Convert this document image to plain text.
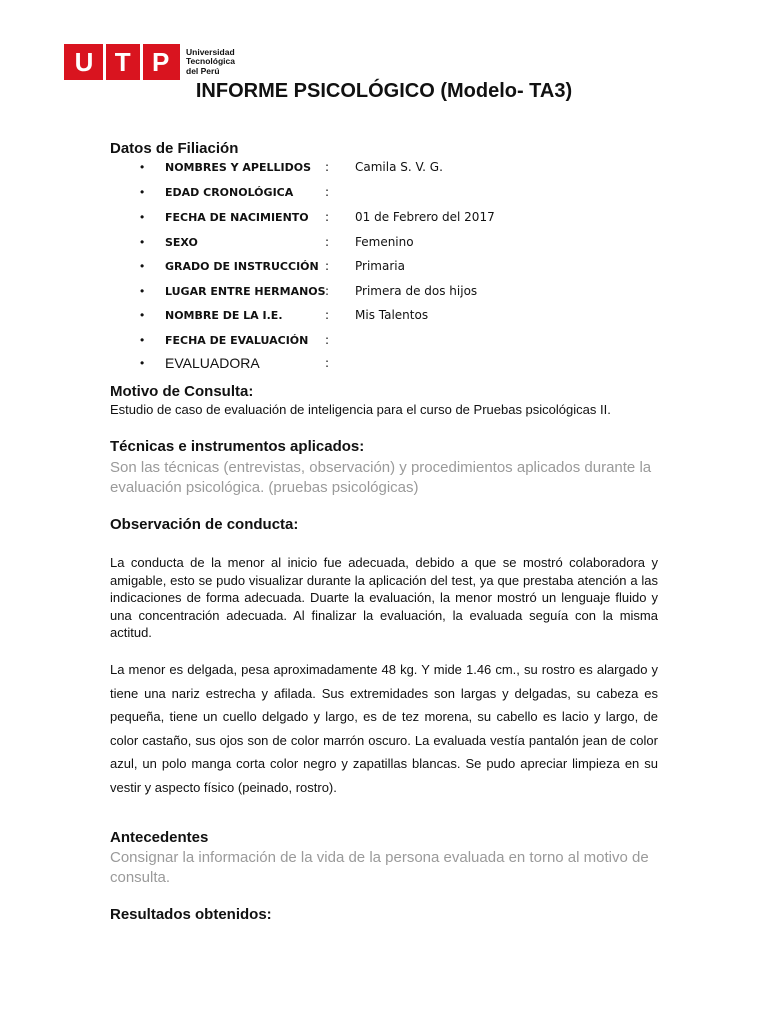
U T P Universidad
Tecnológica
del Perú
INFORME PSICOLÓGICO (Modelo- TA3)
Datos de Filiación
•	NOMBRES Y APELLIDOS	:	Camila S. V. G.
•	EDAD CRONOLÓGICA	:
•	FECHA DE NACIMIENTO	:	01 de Febrero del 2017
•	SEXO	:	Femenino
•	GRADO DE INSTRUCCIÓN :	Primaria
•	LUGAR ENTRE HERMANOS :	Primera de dos hijos
•	NOMBRE DE LA I.E.	:	Mis Talentos
•	FECHA DE EVALUACIÓN	:
•	EVALUADORA	:
Motivo de Consulta:
Estudio de caso de evaluación de inteligencia para el curso de Pruebas psicológicas II.
Técnicas e instrumentos aplicados:
Son las técnicas (entrevistas, observación) y procedimientos aplicados durante la evaluación psicológica. (pruebas psicológicas)
Observación de conducta:
La conducta de la menor al inicio fue adecuada, debido a que se mostró colaboradora y amigable, esto se pudo visualizar durante la aplicación del test, ya que prestaba atención a las indicaciones de forma adecuada. Duarte la evaluación, la menor mostró un lenguaje fluido y una concentración adecuada. Al finalizar la evaluación, la evaluada seguía con la misma actitud.
La menor es delgada, pesa aproximadamente 48 kg. Y mide 1.46 cm., su rostro es alargado y tiene una nariz estrecha y afilada. Sus extremidades son largas y delgadas, su cabeza es pequeña, tiene un cuello delgado y largo, es de tez morena, su cabello es lacio y largo, de color castaño, sus ojos son de color marrón oscuro. La evaluada vestía pantalón jean de color azul, un polo manga corta color negro y zapatillas blancas. Se pudo apreciar limpieza en su vestir y aspecto físico (peinado, rostro).
Antecedentes
Consignar la información de la vida de la persona evaluada en torno al motivo de consulta.
Resultados obtenidos:
